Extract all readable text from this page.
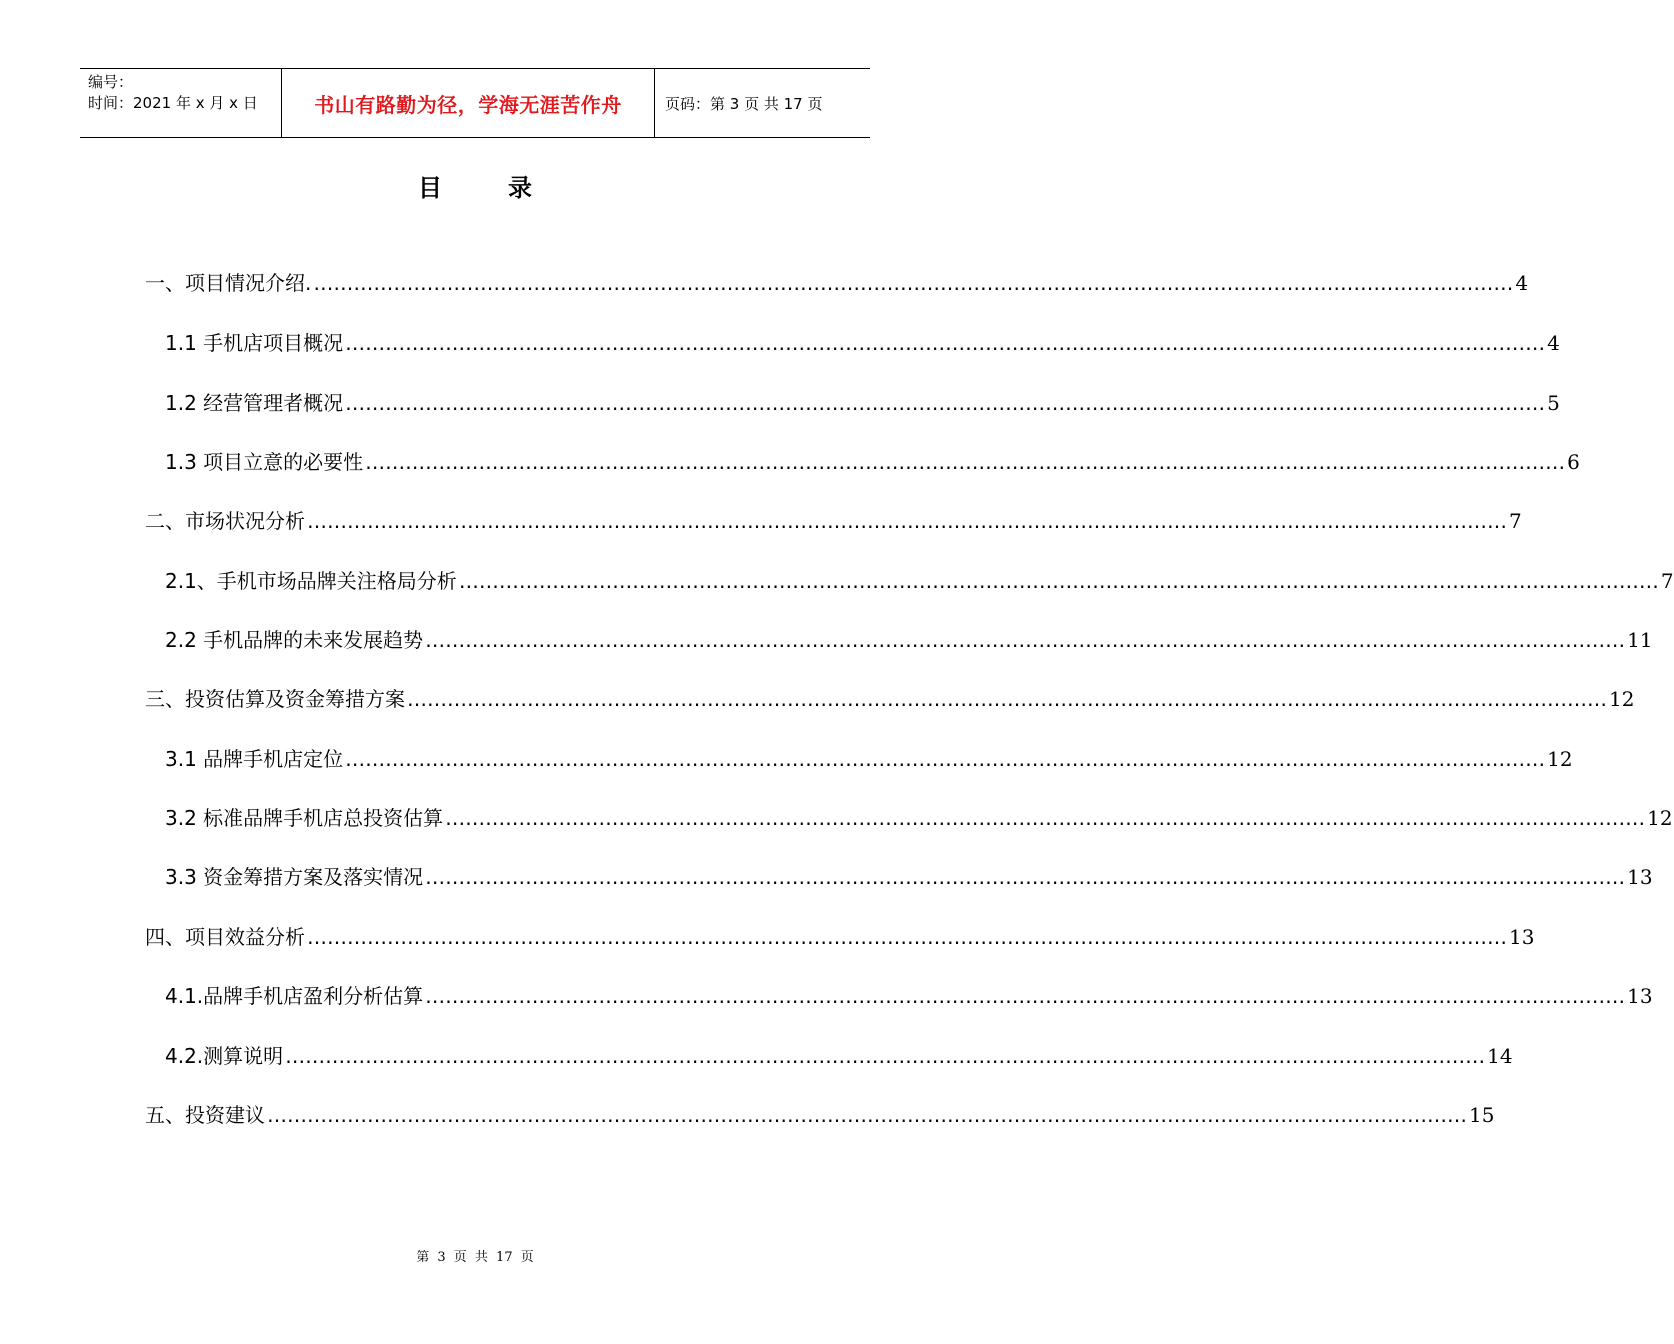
编号：
时间：2021 年 x 月 x 日	书山有路勤为径，学海无涯苦作舟	页码：第 3 页 共 17 页
目	录
一、项目情况介绍. ……………………………………………………………………………………………………………………………………………………………… 4
1.1 手机店项目概况 ……………………………………………………………………………………………………………………………………………………………… 4
1.2 经营管理者概况 ……………………………………………………………………………………………………………………………………………………………… 5
1.3 项目立意的必要性 ……………………………………………………………………………………………………………………………………………………………… 6
二、市场状况分析 ……………………………………………………………………………………………………………………………………………………………… 7
2.1、手机市场品牌关注格局分析 ……………………………………………………………………………………………………………………………………………………………… 7
2.2 手机品牌的未来发展趋势 ……………………………………………………………………………………………………………………………………………………………… 11
三、投资估算及资金筹措方案 ……………………………………………………………………………………………………………………………………………………………… 12
3.1 品牌手机店定位 ……………………………………………………………………………………………………………………………………………………………… 12
3.2 标准品牌手机店总投资估算 ……………………………………………………………………………………………………………………………………………………………… 12
3.3 资金筹措方案及落实情况 ……………………………………………………………………………………………………………………………………………………………… 13
四、项目效益分析 ……………………………………………………………………………………………………………………………………………………………… 13
4.1.品牌手机店盈利分析估算 ……………………………………………………………………………………………………………………………………………………………… 13
4.2.测算说明 ……………………………………………………………………………………………………………………………………………………………… 14
五、投资建议 ……………………………………………………………………………………………………………………………………………………………… 15
第 3 页 共 17 页
